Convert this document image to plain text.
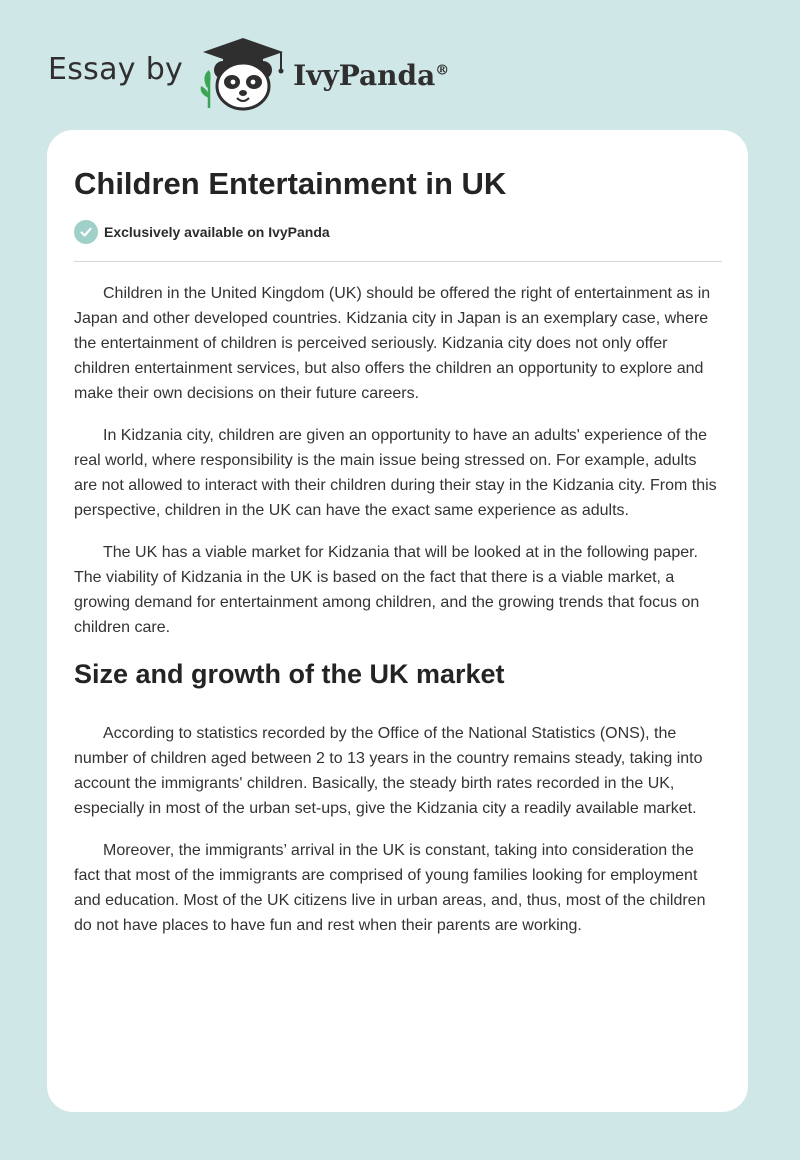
Essay by	IvyPanda®
Children Entertainment in UK
Exclusively available on IvyPanda

Children in the United Kingdom (UK) should be offered the right of entertainment as in Japan and other developed countries. Kidzania city in Japan is an exemplary case, where the entertainment of children is perceived seriously. Kidzania city does not only offer children entertainment services, but also offers the children an opportunity to explore and make their own decisions on their future careers.

In Kidzania city, children are given an opportunity to have an adults' experience of the real world, where responsibility is the main issue being stressed on. For example, adults are not allowed to interact with their children during their stay in the Kidzania city. From this perspective, children in the UK can have the exact same experience as adults.

The UK has a viable market for Kidzania that will be looked at in the following paper. The viability of Kidzania in the UK is based on the fact that there is a viable market, a growing demand for entertainment among children, and the growing trends that focus on children care.

Size and growth of the UK market

According to statistics recorded by the Office of the National Statistics (ONS), the number of children aged between 2 to 13 years in the country remains steady, taking into account the immigrants' children. Basically, the steady birth rates recorded in the UK, especially in most of the urban set-ups, give the Kidzania city a readily available market.

Moreover, the immigrants’ arrival in the UK is constant, taking into consideration the fact that most of the immigrants are comprised of young families looking for employment and education. Most of the UK citizens live in urban areas, and, thus, most of the children do not have places to have fun and rest when their parents are working.
